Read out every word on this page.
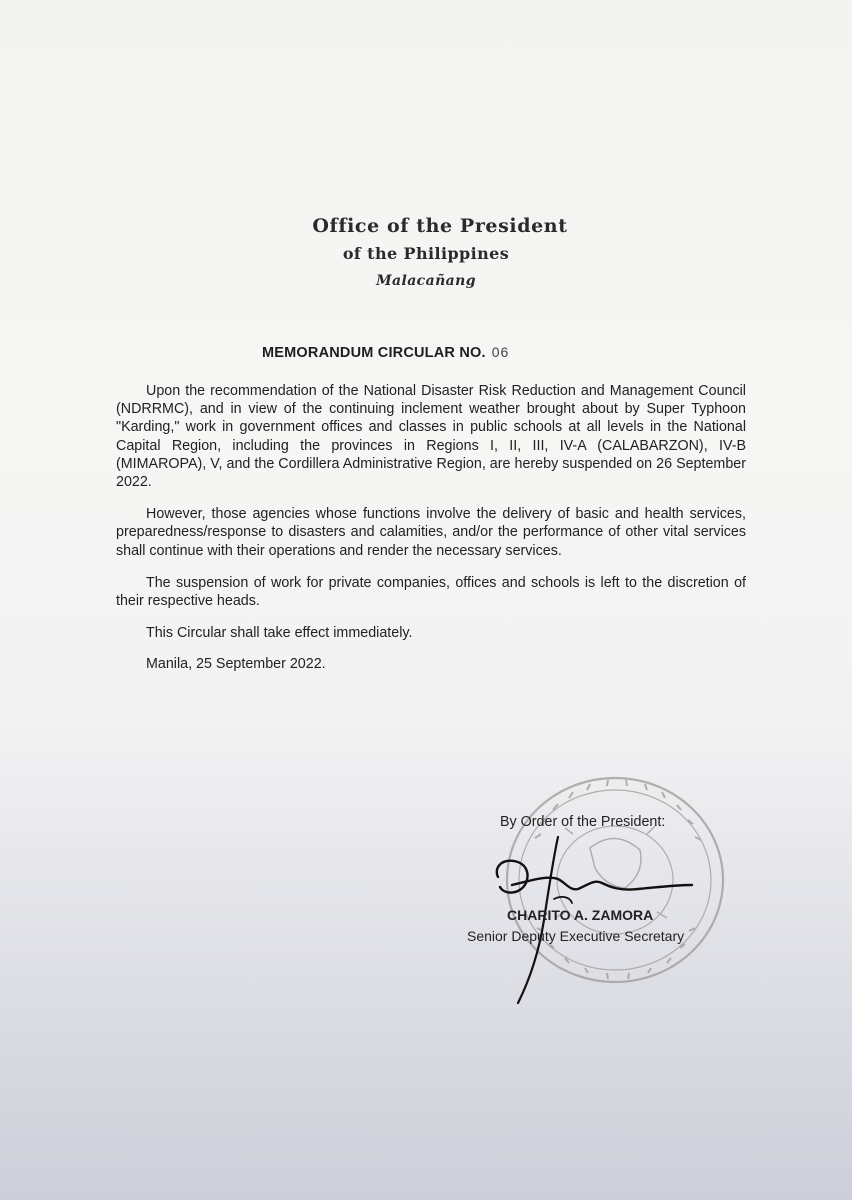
Office of the President
of the Philippines
Malacañang
MEMORANDUM CIRCULAR NO. 06

Upon the recommendation of the National Disaster Risk Reduction and Management Council (NDRRMC), and in view of the continuing inclement weather brought about by Super Typhoon "Karding," work in government offices and classes in public schools at all levels in the National Capital Region, including the provinces in Regions I, II, III, IV-A (CALABARZON), IV-B (MIMAROPA), V, and the Cordillera Administrative Region, are hereby suspended on 26 September 2022.

However, those agencies whose functions involve the delivery of basic and health services, preparedness/response to disasters and calamities, and/or the performance of other vital services shall continue with their operations and render the necessary services.

The suspension of work for private companies, offices and schools is left to the discretion of their respective heads.

This Circular shall take effect immediately.

Manila, 25 September 2022.

By Order of the President:
CHARITO A. ZAMORA
Senior Deputy Executive Secretary
